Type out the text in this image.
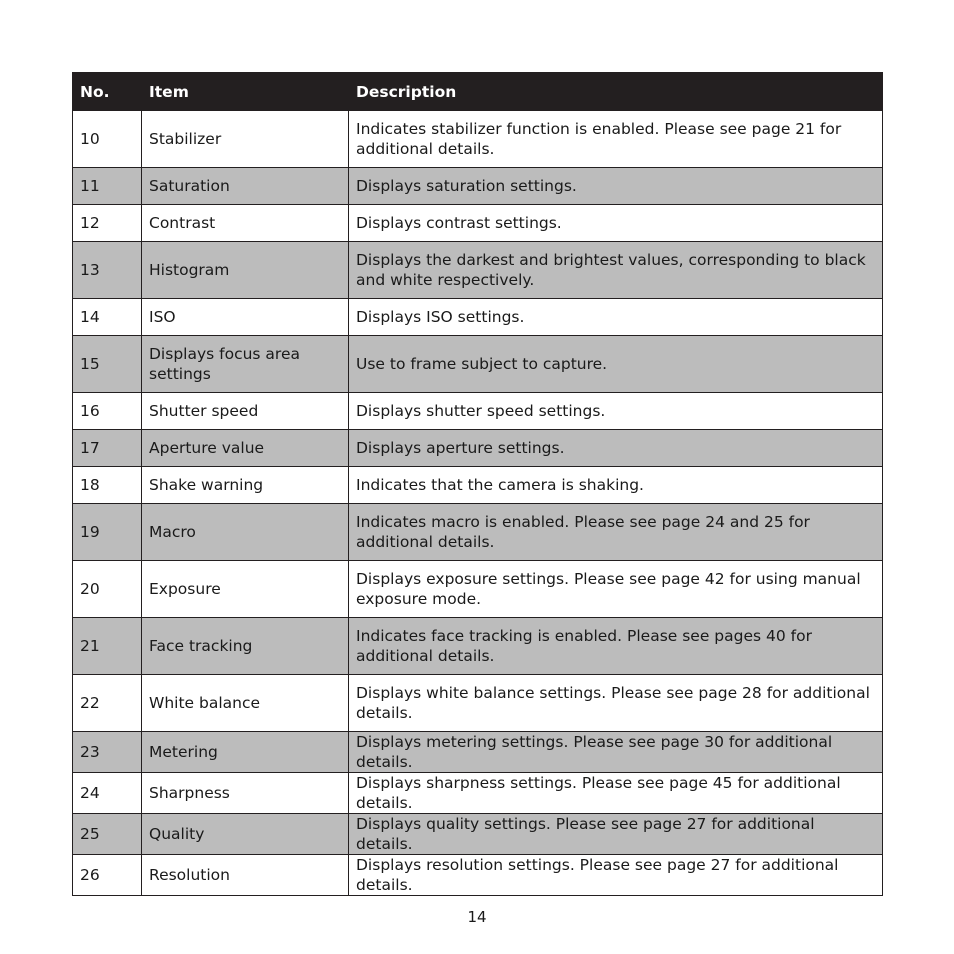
No.	Item	Description
10	Stabilizer	Indicates stabilizer function is enabled. Please see page 21 for additional details.
11	Saturation	Displays saturation settings.
12	Contrast	Displays contrast settings.
13	Histogram	Displays the darkest and brightest values, corresponding to black and white respectively.
14	ISO	Displays ISO settings.
15	Displays focus area settings	Use to frame subject to capture.
16	Shutter speed	Displays shutter speed settings.
17	Aperture value	Displays aperture settings.
18	Shake warning	Indicates that the camera is shaking.
19	Macro	Indicates macro is enabled. Please see page 24 and 25 for additional details.
20	Exposure	Displays exposure settings. Please see page 42 for using manual exposure mode.
21	Face tracking	Indicates face tracking is enabled. Please see pages 40 for additional details.
22	White balance	Displays white balance settings. Please see page 28 for additional details.
23	Metering	Displays metering settings. Please see page 30 for additional details.
24	Sharpness	Displays sharpness settings. Please see page 45 for additional details.
25	Quality	Displays quality settings. Please see page 27 for additional details.
26	Resolution	Displays resolution settings. Please see page 27 for additional details.
14
